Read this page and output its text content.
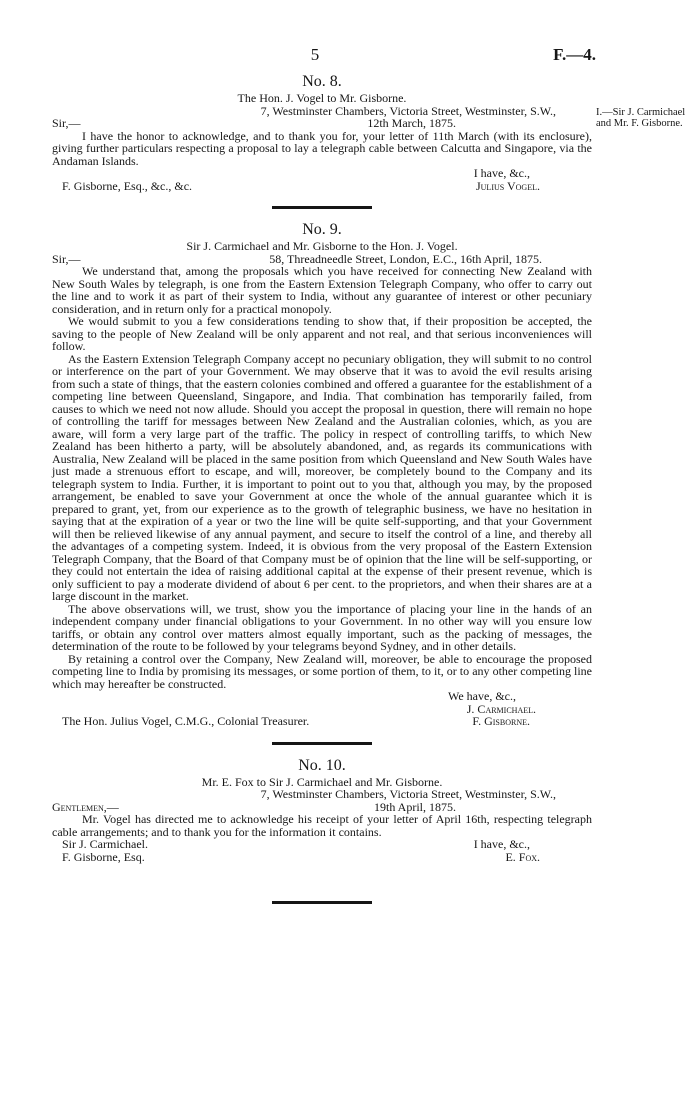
5	F.—4.
I.—Sir J. Carmichael and Mr. F. Gisborne.
No. 8.
The Hon. J. Vogel to Mr. Gisborne.
7, Westminster Chambers, Victoria Street, Westminster, S.W.,
Sir,—	12th March, 1875.

I have the honor to acknowledge, and to thank you for, your letter of 11th March (with its enclosure), giving further particulars respecting a proposal to lay a telegraph cable between Calcutta and Singapore, via the Andaman Islands.

I have, &c.,
F. Gisborne, Esq., &c., &c.	Julius Vogel.
No. 9.
Sir J. Carmichael and Mr. Gisborne to the Hon. J. Vogel.
Sir,—	58, Threadneedle Street, London, E.C., 16th April, 1875.

We understand that, among the proposals which you have received for connecting New Zealand with New South Wales by telegraph, is one from the Eastern Extension Telegraph Company, who offer to carry out the line and to work it as part of their system to India, without any guarantee of interest or other pecuniary consideration, and in return only for a practical monopoly.

We would submit to you a few considerations tending to show that, if their proposition be accepted, the saving to the people of New Zealand will be only apparent and not real, and that serious inconveniences will follow.

As the Eastern Extension Telegraph Company accept no pecuniary obligation, they will submit to no control or interference on the part of your Government. We may observe that it was to avoid the evil results arising from such a state of things, that the eastern colonies combined and offered a guarantee for the establishment of a competing line between Queensland, Singapore, and India. That combination has temporarily failed, from causes to which we need not now allude. Should you accept the proposal in question, there will remain no hope of controlling the tariff for messages between New Zealand and the Australian colonies, which, as you are aware, will form a very large part of the traffic. The policy in respect of controlling tariffs, to which New Zealand has been hitherto a party, will be absolutely abandoned, and, as regards its communications with Australia, New Zealand will be placed in the same position from which Queensland and New South Wales have just made a strenuous effort to escape, and will, moreover, be completely bound to the Company and its telegraph system to India. Further, it is important to point out to you that, although you may, by the proposed arrangement, be enabled to save your Government at once the whole of the annual guarantee which it is prepared to grant, yet, from our experience as to the growth of telegraphic business, we have no hesitation in saying that at the expiration of a year or two the line will be quite self-supporting, and that your Government will then be relieved likewise of any annual payment, and secure to itself the control of a line, and thereby all the advantages of a competing system. Indeed, it is obvious from the very proposal of the Eastern Extension Telegraph Company, that the Board of that Company must be of opinion that the line will be self-supporting, or they could not entertain the idea of raising additional capital at the expense of their present revenue, which is only sufficient to pay a moderate dividend of about 6 per cent. to the proprietors, and when their shares are at a large discount in the market.

The above observations will, we trust, show you the importance of placing your line in the hands of an independent company under financial obligations to your Government. In no other way will you ensure low tariffs, or obtain any control over matters almost equally important, such as the packing of messages, the determination of the route to be followed by your telegrams beyond Sydney, and in other details.

By retaining a control over the Company, New Zealand will, moreover, be able to encourage the proposed competing line to India by promising its messages, or some portion of them, to it, or to any other competing line which may hereafter be constructed.

We have, &c.,
J. Carmichael.
The Hon. Julius Vogel, C.M.G., Colonial Treasurer.	F. Gisborne.
No. 10.
Mr. E. Fox to Sir J. Carmichael and Mr. Gisborne.
7, Westminster Chambers, Victoria Street, Westminster, S.W.,
Gentlemen,—	19th April, 1875.

Mr. Vogel has directed me to acknowledge his receipt of your letter of April 16th, respecting telegraph cable arrangements; and to thank you for the information it contains.

Sir J. Carmichael.	I have, &c.,
F. Gisborne, Esq.	E. Fox.
